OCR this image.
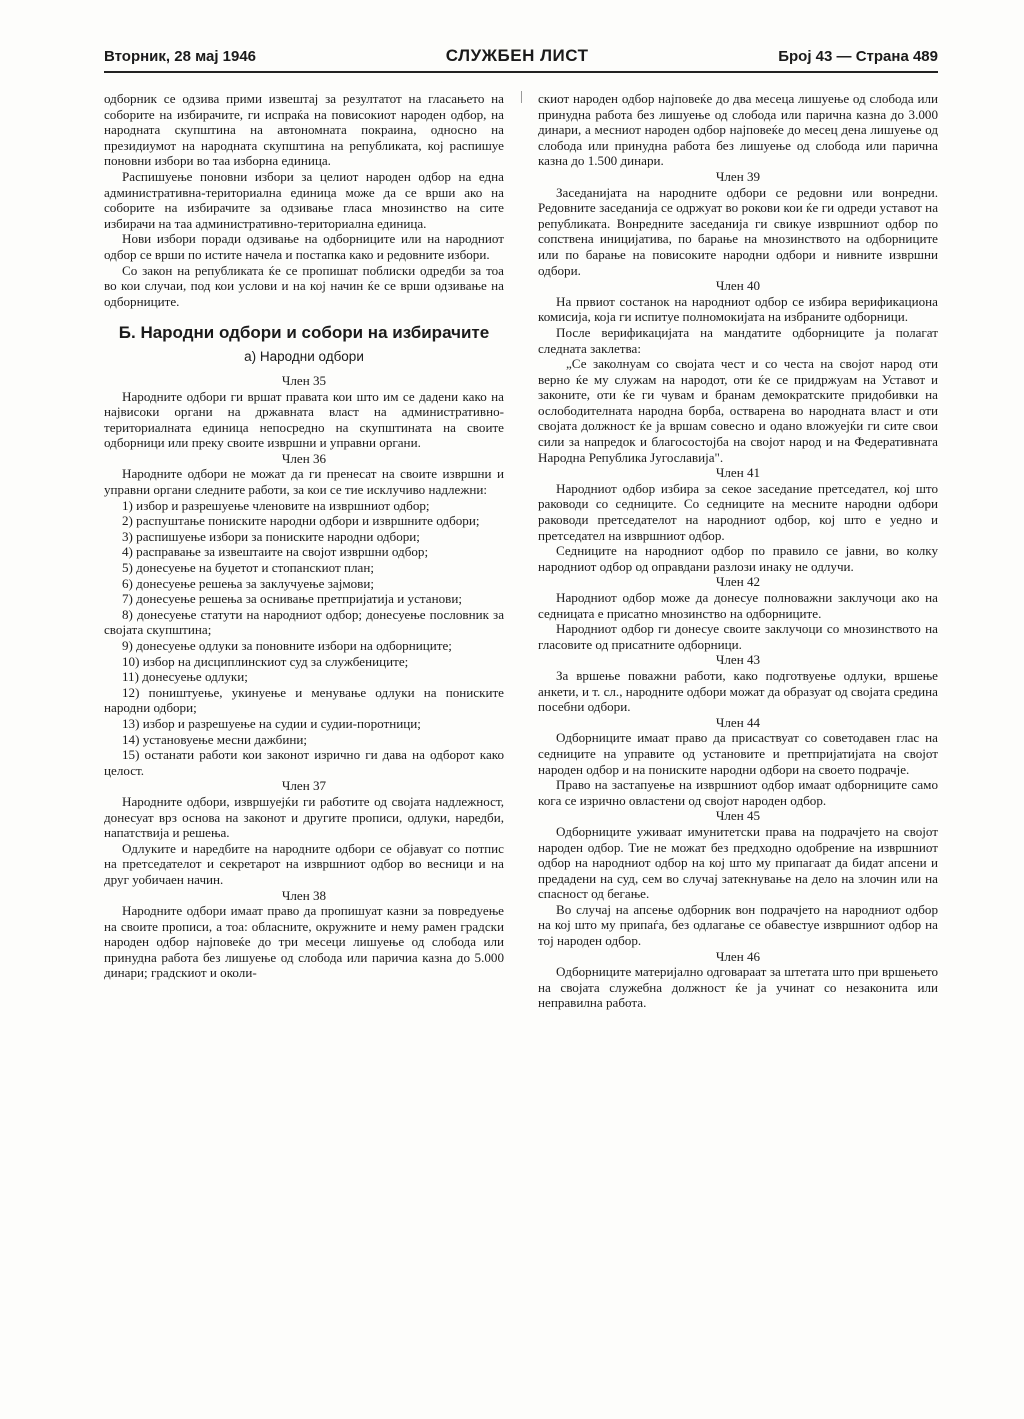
Вторник, 28 мај 1946	СЛУЖБЕН ЛИСТ	Број 43 — Страна 489

одборник се одзива прими извештај за резултатот на гласањето на соборите на избирачите, ги испраќа на повисокиот народен одбор, на народната скупштина на автономната покраина, односно на президиумот на народната скупштина на републиката, кој распишуе поновни избори во таа изборна единица.

Распишуење поновни избори за целиот народен одбор на една административна-териториална единица може да се врши ако на соборите на избирачите за одзивање гласа мнозинство на сите избирачи на таа административно-териториална единица.

Нови избори поради одзивање на одборниците или на народниот одбор се врши по истите начела и постапка како и редовните избори.

Со закон на републиката ќе се пропишат поблиски одредби за тоа во кои случаи, под кои услови и на кој начин ќе се врши одзивање на одборниците.

Б. Народни одбори и собори на избирачите
а) Народни одбори

Член 35

Народните одбори ги вршат правата кои што им се дадени како на највисоки органи на државната власт на административно-териториалната единица непосредно на скупштината на своите одборници или преку своите извршни и управни органи.

Член 36

Народните одбори не можат да ги пренесат на своите извршни и управни органи следните работи, за кои се тие исклучиво надлежни:

1) избор и разрешуење членовите на извршниот одбор;

2) распуштање пониските народни одбори и извршните одбори;

3) распишуење избори за пониските народни одбори;

4) расправање за извештаите на својот извршни одбор;

5) донесуење на буџетот и стопанскиот план;

6) донесуење решења за заклучуење зајмови;

7) донесуење решења за оснивање претпријатија и установи;

8) донесуење статути на народниот одбор; донесуење пословник за својата скупштина;

9) донесуење одлуки за поновните избори на одборниците;

10) избор на дисциплинскиот суд за службениците;

11) донесуење одлуки;

12) поништуење, укинуење и менување одлуки на пониските народни одбори;

13) избор и разрешуење на судии и судии-поротници;

14) установуење месни дажбини;

15) останати работи кои законот изрично ги дава на одборот како целост.

Член 37

Народните одбори, извршуејќи ги работите од својата надлежност, донесуат врз основа на законот и другите прописи, одлуки, наредби, напатствија и решења.

Одлуките и наредбите на народните одбори се објавуат со потпис на претседателот и секретарот на извршниот одбор во весници и на друг уобичаен начин.

Член 38

Народните одбори имаат право да пропишуат казни за повредуење на своите прописи, а тоа: обласните, окружните и нему рамен градски народен одбор најповеќе до три месеци лишуење од слобода или принудна работа без лишуење од слобода или паричиа казна до 5.000 динари; градскиот и околи-

скиот народен одбор најповеќе до два месеца лишуење од слобода или принудна работа без лишуење од слобода или парична казна до 3.000 динари, а месниот народен одбор најповеќе до месец дена лишуење од слобода или принудна работа без лишуење од слобода или парична казна до 1.500 динари.

Член 39

Заседанијата на народните одбори се редовни или вонредни. Редовните заседанија се одржуат во рокови кои ќе ги одреди уставот на републиката. Вонредните заседанија ги свикуе извршниот одбор по сопствена иницијатива, по барање на мнозинството на одборниците или по барање на повисоките народни одбори и нивните извршни одбори.

Член 40

На првиот состанок на народниот одбор се избира верификациона комисија, која ги испитуе полномокијата на избраните одборници.

После верификацијата на мандатите одборниците ја полагат следната заклетва:

„Се заколнуам со својата чест и со честа на својот народ оти верно ќе му служам на народот, оти ќе се придржуам на Уставот и законите, оти ќе ги чувам и бранам демократските придобивки на ослободителната народна борба, остварена во народната власт и оти својата должност ќе ја вршам совесно и одано вложуејќи ги сите свои сили за напредок и благосостојба на својот народ и на Федеративната Народна Република Југославија".

Член 41

Народниот одбор избира за секое заседание претседател, кој што раководи со седниците. Со седниците на месните народни одбори раководи претседателот на народниот одбор, кој што е уедно и претседател на извршниот одбор.

Седниците на народниот одбор по правило се јавни, во колку народниот одбор од оправдани разлози инаку не одлучи.

Член 42

Народниот одбор може да донесуе полноважни заклучоци ако на седницата е присатно мнозинство на одборниците.

Народниот одбор ги донесуе своите заклучоци со мнозинството на гласовите од присатните одборници.

Член 43

За вршење поважни работи, како подготвуење одлуки, вршење анкети, и т. сл., народните одбори можат да образуат од својата средина посебни одбори.

Член 44

Одборниците имаат право да присаствуат со советодавен глас на седниците на управите од установите и претпријатијата на својот народен одбор и на пониските народни одбори на своето подрачје.

Право на застапуење на извршниот одбор имаат одборниците само кога се изрично овластени од својот народен одбор.

Член 45

Одборниците уживаат имунитетски права на подрачјето на својот народен одбор. Тие не можат без предходно одобрение на извршниот одбор на народниот одбор на кој што му припагаат да бидат апсени и предадени на суд, сем во случај затекнување на дело на злочин или на спасност од бегање.

Во случај на апсење одборник вон подрачјето на народниот одбор на кој што му припаѓа, без одлагање се обавестуе извршниот одбор на тој народен одбор.

Член 46

Одборниците материјално одговараат за штетата што при вршењето на својата служебна должност ќе ја учинат со незаконита или неправилна работа.
